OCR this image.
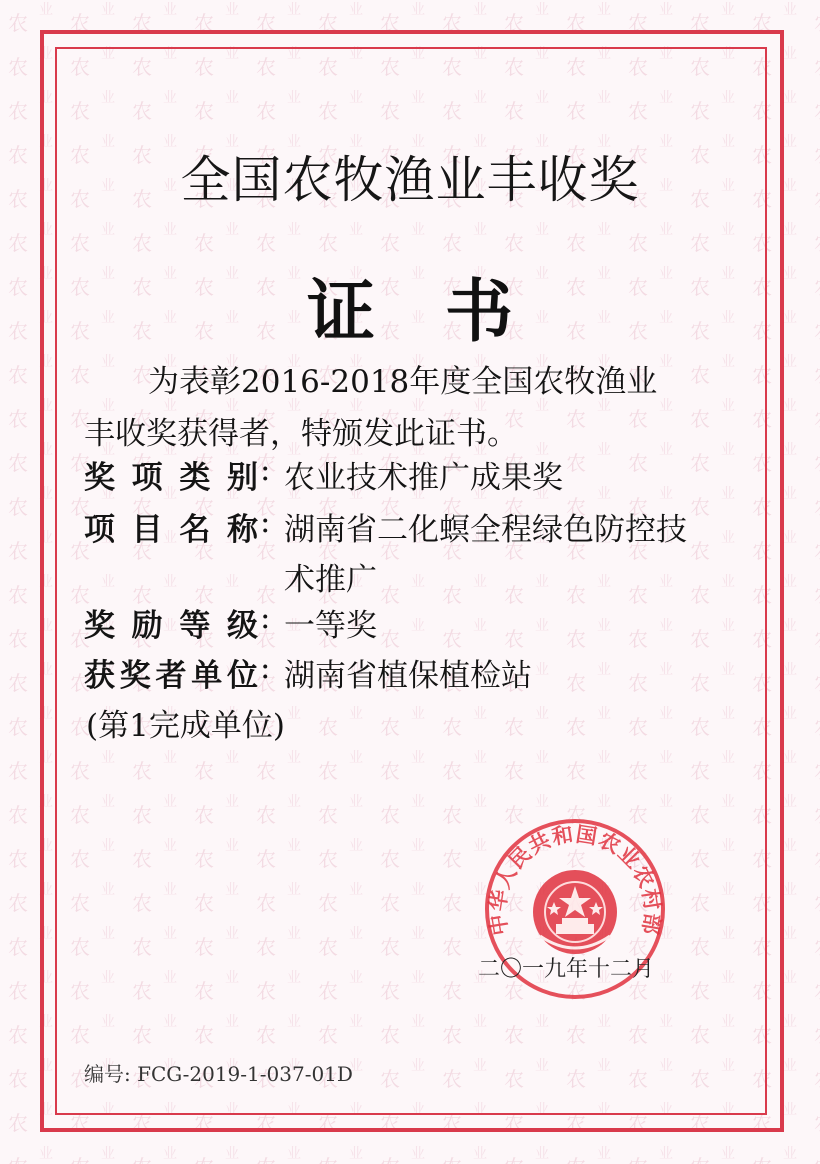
全国农牧渔业丰收奖
证书
为表彰2016-2018年度全国农牧渔业
丰收奖获得者，特颁发此证书。
奖项类别 : 农业技术推广成果奖
项目名称 : 湖南省二化螟全程绿色防控技
术推广
奖励等级 : 一等奖
获奖者单位 : 湖南省植保植检站
(第1完成单位)
中华人民共和国农业农村部
二〇一九年十二月
编号: FCG-2019-1-037-01D
